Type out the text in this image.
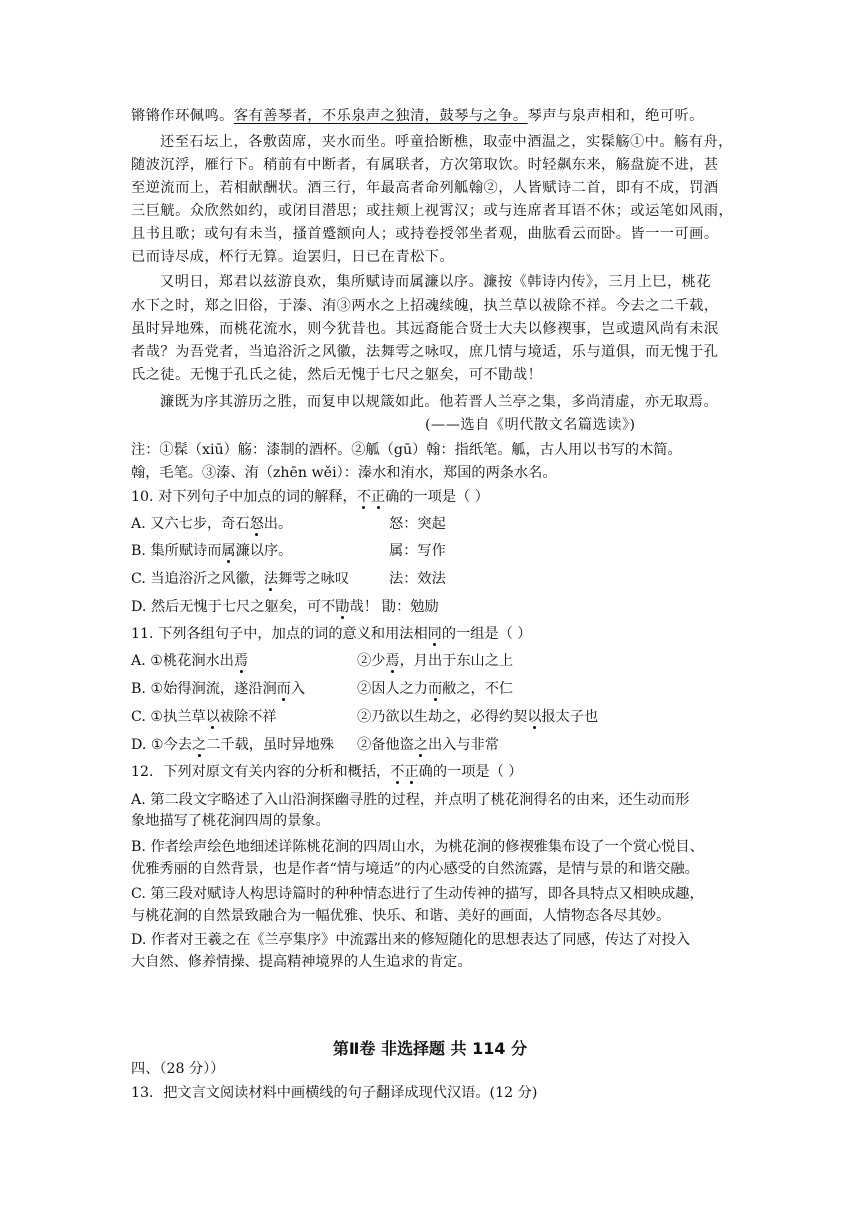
锵锵作环佩鸣。客有善琴者，不乐泉声之独清，鼓琴与之争。琴声与泉声相和，绝可听。
还至石坛上，各敷茵席，夹水而坐。呼童拾断樵，取壶中酒温之，实髹觞①中。觞有舟，
随波沉浮，雁行下。稍前有中断者，有属联者，方次第取饮。时轻飙东来，觞盘旋不进，甚
至逆流而上，若相献酬状。酒三行，年最高者命列觚翰②，人皆赋诗二首，即有不成，罚酒
三巨觥。众欣然如约，或闭目潜思；或拄颊上视霄汉；或与连席者耳语不休；或运笔如风雨，
且书且歌；或句有未当，搔首蹙额向人；或持卷授邻坐者观，曲肱看云而卧。皆一一可画。
已而诗尽成，杯行无算。迨罢归，日已在青松下。
又明日，郑君以兹游良欢，集所赋诗而属濂以序。濂按《韩诗内传》，三月上巳，桃花
水下之时，郑之旧俗，于溱、洧③两水之上招魂续魄，执兰草以祓除不祥。今去之二千载，
虽时异地殊，而桃花流水，则今犹昔也。其远裔能合贤士大夫以修禊事，岂或遗风尚有未泯
者哉？为吾党者，当追浴沂之风徽，法舞雩之咏叹，庶几情与境适，乐与道俱，而无愧于孔
氏之徒。无愧于孔氏之徒，然后无愧于七尺之躯矣，可不勖哉！
濂既为序其游历之胜，而复申以规箴如此。他若晋人兰亭之集，多尚清虚，亦无取焉。
(——选自《明代散文名篇选读》)
注：①髹（xiū）觞：漆制的酒杯。②觚（gū）翰：指纸笔。觚，古人用以书写的木简。
翰，毛笔。③溱、洧（zhēn wěi）：溱水和洧水，郑国的两条水名。
10. 对下列句子中加点的词的解释，不正确的一项是（ ）
A. 又六七步，奇石怒出。	怒：突起
B. 集所赋诗而属濂以序。	属：写作
C. 当追浴沂之风徽，法舞雩之咏叹	法：效法
D. 然后无愧于七尺之躯矣，可不勖哉！ 勖：勉励
11. 下列各组句子中，加点的词的意义和用法相同的一组是（ ）
A. ①桃花涧水出焉	②少焉，月出于东山之上
B. ①始得涧流，遂沿涧而入	②因人之力而敝之，不仁
C. ①执兰草以祓除不祥	②乃欲以生劫之，必得约契以报太子也
D. ①今去之二千载，虽时异地殊 ②备他盗之出入与非常
12．下列对原文有关内容的分析和概括，不正确的一项是（ ）
A. 第二段文字略述了入山沿涧探幽寻胜的过程，并点明了桃花涧得名的由来，还生动而形
象地描写了桃花涧四周的景象。
B. 作者绘声绘色地细述详陈桃花涧的四周山水，为桃花涧的修禊雅集布设了一个赏心悦目、
优雅秀丽的自然背景，也是作者“情与境适”的内心感受的自然流露，是情与景的和谐交融。
C. 第三段对赋诗人构思诗篇时的种种情态进行了生动传神的描写，即各具特点又相映成趣，
与桃花涧的自然景致融合为一幅优雅、快乐、和谐、美好的画面，人情物态各尽其妙。
D. 作者对王羲之在《兰亭集序》中流露出来的修短随化的思想表达了同感，传达了对投入
大自然、修养情操、提高精神境界的人生追求的肯定。
第Ⅱ卷 非选择题 共 114 分
四、（28 分））
13．把文言文阅读材料中画横线的句子翻译成现代汉语。(12 分)
